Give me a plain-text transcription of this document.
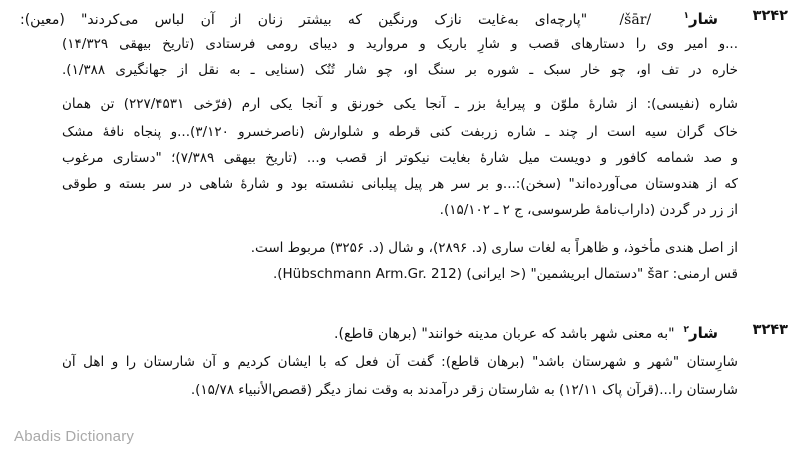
۳۲۴۲
شار$^۱$  /šār/  "پارچه‌ای به‌غایت نازک ورنگین که بیشتر زنان از آن لباس می‌کردند" (معین):
...و امیر وی را دستارهای قصب و شارِ باریک و مروارید و دیبای رومی فرستادی (تاریخ بیهقی ۱۴/۳۲۹)
خاره در تف او، چو خار سبک ـ شوره بر سنگ او، چو شار تُنُک (سنایی ـ به نقل از جهانگیری ۱/۳۸۸).
شاره (نفیسی): از شارهٔ ملوّن و پیرایهٔ بزر ـ آنجا یکی خورنق و آنجا یکی ارم (فرّخی ۲۲۷/۴۵۳۱) تن همان
خاک گران سیه است ار چند ـ شاره زربفت کنی قرطه و شلوارش (ناصرخسرو ۳/۱۲۰)...و پنجاه نافهٔ مشک
و صد شمامه کافور و دویست میل شارهٔ بغایت نیکوتر از قصب و... (تاریخ بیهقی ۷/۳۸۹)؛ "دستاری مرغوب
که از هندوستان می‌آورده‌اند" (سخن):...و بر سر هر پیل پیلبانی نشسته بود و شارهٔ شاهی در سر بسته و طوقی
از زر در گردن (داراب‌نامهٔ طرسوسی، ج ۲ ـ ۱۵/۱۰۲).
از اصل هندی مأخوذ، و ظاهراً به لغات ساری (د. ۲۸۹۶)، و شال (د. ۳۲۵۶) مربوط است.
قس ارمنی: šar "دستمال ابریشمین" (< ایرانی) (Hübschmann Arm.Gr. 212).
۳۲۴۳
شار$^۲$  "به معنی شهر باشد که عربان مدینه خوانند" (برهان قاطع).
شارِستان "شهر و شهرستان باشد" (برهان قاطع): گفت آن فعل که با ایشان کردیم و آن شارستان را و اهل آن
شارستان را...(قرآن پاک ۱۲/۱۱) به شارستان زقر درآمدند به وقت نماز دیگر (قصص‌الأنبیاء ۱۵/۷۸).
Abadis Dictionary
